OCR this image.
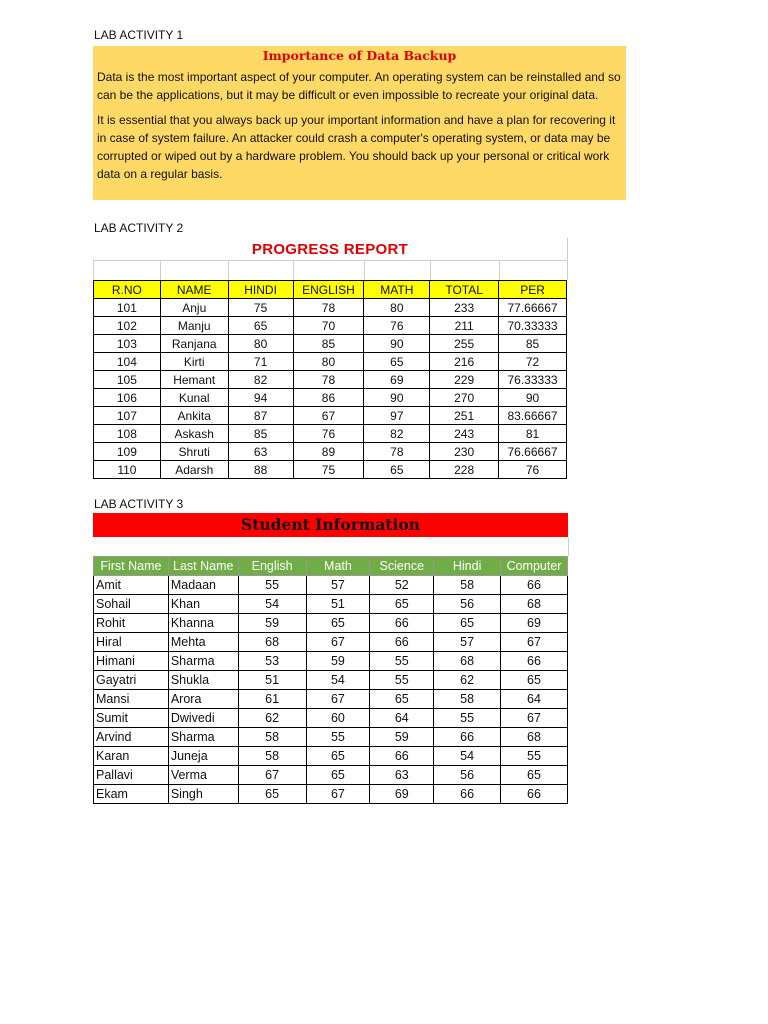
LAB ACTIVITY 1
Importance of Data Backup

Data is the most important aspect of your computer. An operating system can be reinstalled and so can be the applications, but it may be difficult or even impossible to recreate your original data.

It is essential that you always back up your important information and have a plan for recovering it in case of system failure. An attacker could crash a computer's operating system, or data may be corrupted or wiped out by a hardware problem. You should back up your personal or critical work data on a regular basis.

LAB ACTIVITY 2
PROGRESS REPORT
R.NO	NAME	HINDI	ENGLISH	MATH	TOTAL	PER
101	Anju	75	78	80	233	77.66667
102	Manju	65	70	76	211	70.33333
103	Ranjana	80	85	90	255	85
104	Kirti	71	80	65	216	72
105	Hemant	82	78	69	229	76.33333
106	Kunal	94	86	90	270	90
107	Ankita	87	67	97	251	83.66667
108	Askash	85	76	82	243	81
109	Shruti	63	89	78	230	76.66667
110	Adarsh	88	75	65	228	76
LAB ACTIVITY 3
Student Information
First Name	Last Name	English	Math	Science	Hindi	Computer
Amit	Madaan	55	57	52	58	66
Sohail	Khan	54	51	65	56	68
Rohit	Khanna	59	65	66	65	69
Hiral	Mehta	68	67	66	57	67
Himani	Sharma	53	59	55	68	66
Gayatri	Shukla	51	54	55	62	65
Mansi	Arora	61	67	65	58	64
Sumit	Dwivedi	62	60	64	55	67
Arvind	Sharma	58	55	59	66	68
Karan	Juneja	58	65	66	54	55
Pallavi	Verma	67	65	63	56	65
Ekam	Singh	65	67	69	66	66
